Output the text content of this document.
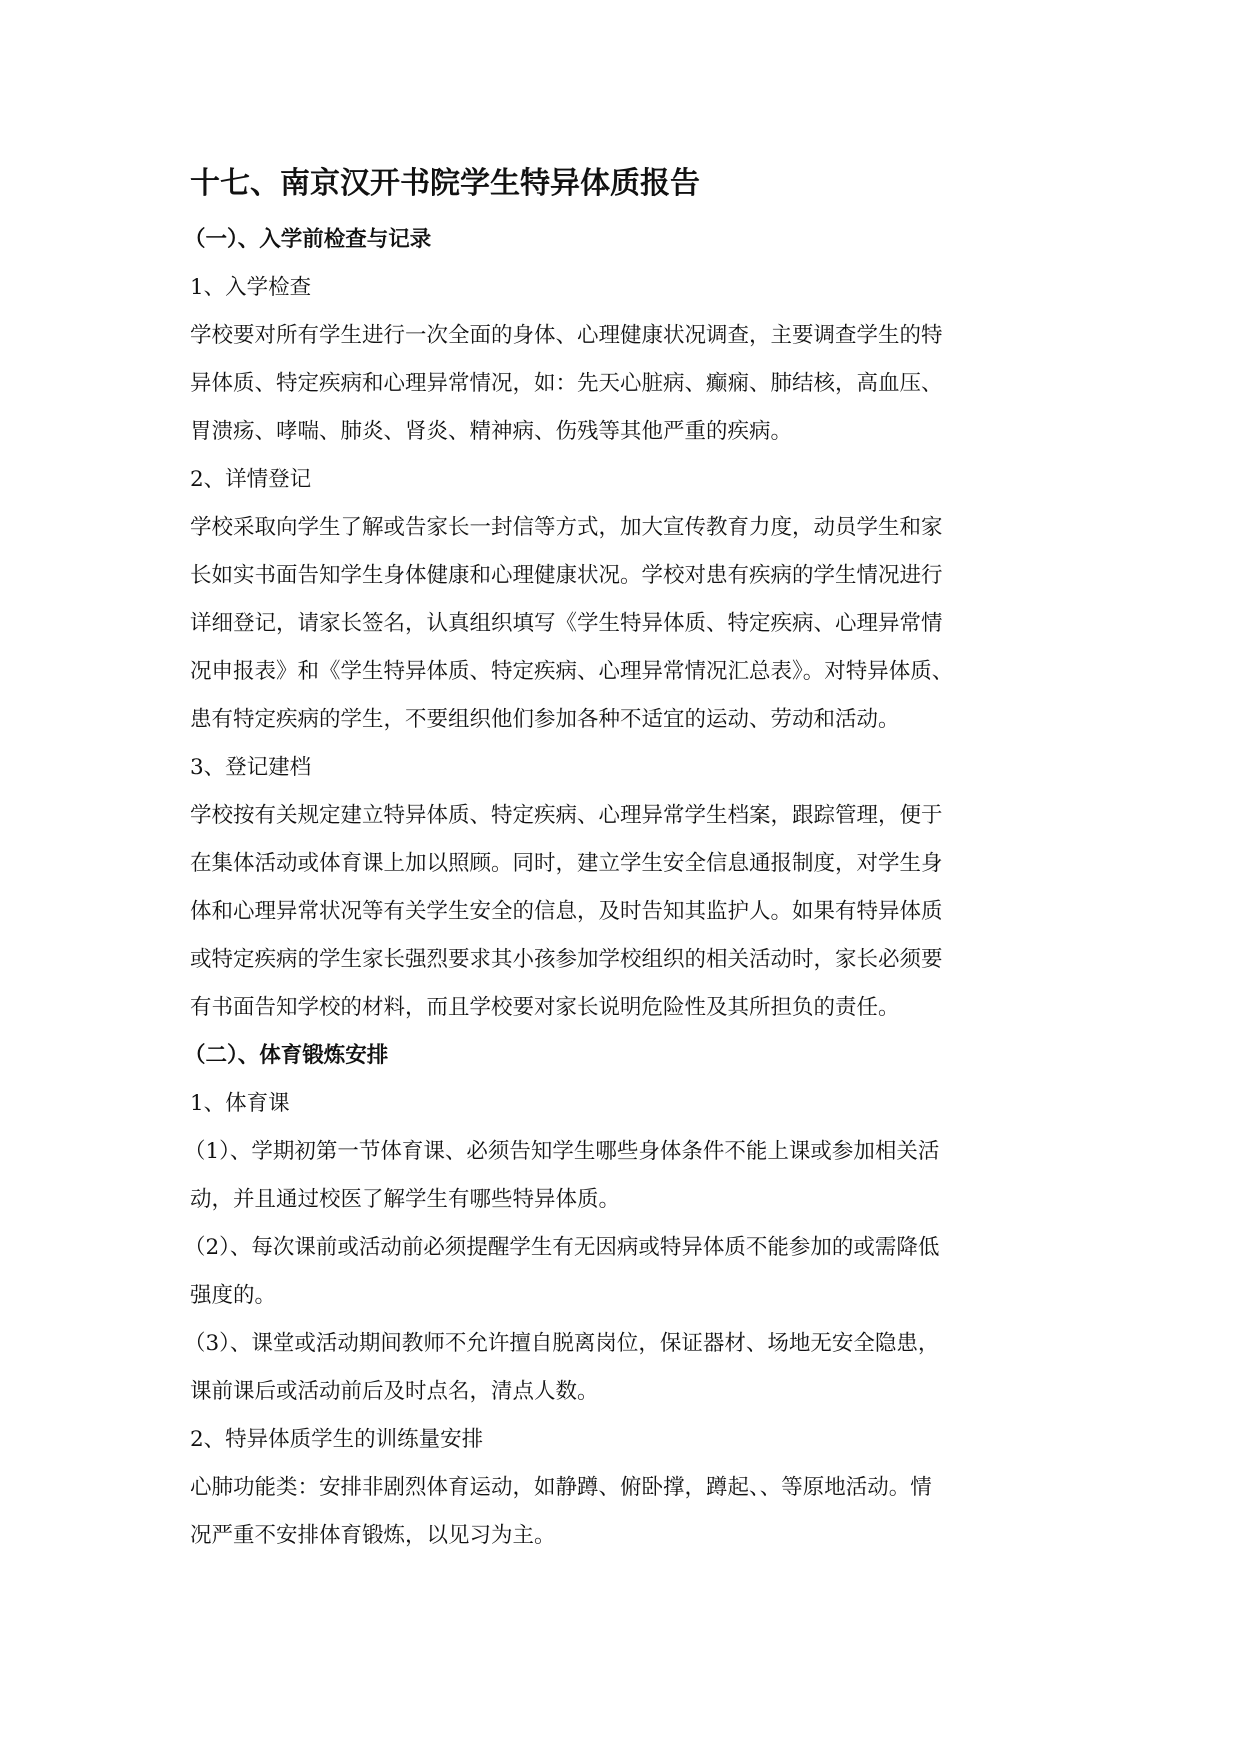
十七、南京汉开书院学生特异体质报告
（一）、入学前检查与记录
1、入学检查
学校要对所有学生进行一次全面的身体、心理健康状况调查，主要调查学生的特
异体质、特定疾病和心理异常情况，如：先天心脏病、癫痫、肺结核，高血压、
胃溃疡、哮喘、肺炎、肾炎、精神病、伤残等其他严重的疾病。
2、详情登记
学校采取向学生了解或告家长一封信等方式，加大宣传教育力度，动员学生和家
长如实书面告知学生身体健康和心理健康状况。学校对患有疾病的学生情况进行
详细登记，请家长签名，认真组织填写《学生特异体质、特定疾病、心理异常情
况申报表》和《学生特异体质、特定疾病、心理异常情况汇总表》。对特异体质、
患有特定疾病的学生，不要组织他们参加各种不适宜的运动、劳动和活动。
3、登记建档
学校按有关规定建立特异体质、特定疾病、心理异常学生档案，跟踪管理，便于
在集体活动或体育课上加以照顾。同时，建立学生安全信息通报制度，对学生身
体和心理异常状况等有关学生安全的信息，及时告知其监护人。如果有特异体质
或特定疾病的学生家长强烈要求其小孩参加学校组织的相关活动时，家长必须要
有书面告知学校的材料，而且学校要对家长说明危险性及其所担负的责任。
（二）、体育锻炼安排
1、体育课
（1）、学期初第一节体育课、必须告知学生哪些身体条件不能上课或参加相关活
动，并且通过校医了解学生有哪些特异体质。
（2）、每次课前或活动前必须提醒学生有无因病或特异体质不能参加的或需降低
强度的。
（3）、课堂或活动期间教师不允许擅自脱离岗位，保证器材、场地无安全隐患，
课前课后或活动前后及时点名，清点人数。
2、特异体质学生的训练量安排
心肺功能类：安排非剧烈体育运动，如静蹲、俯卧撑，蹲起、、等原地活动。情
况严重不安排体育锻炼，以见习为主。
